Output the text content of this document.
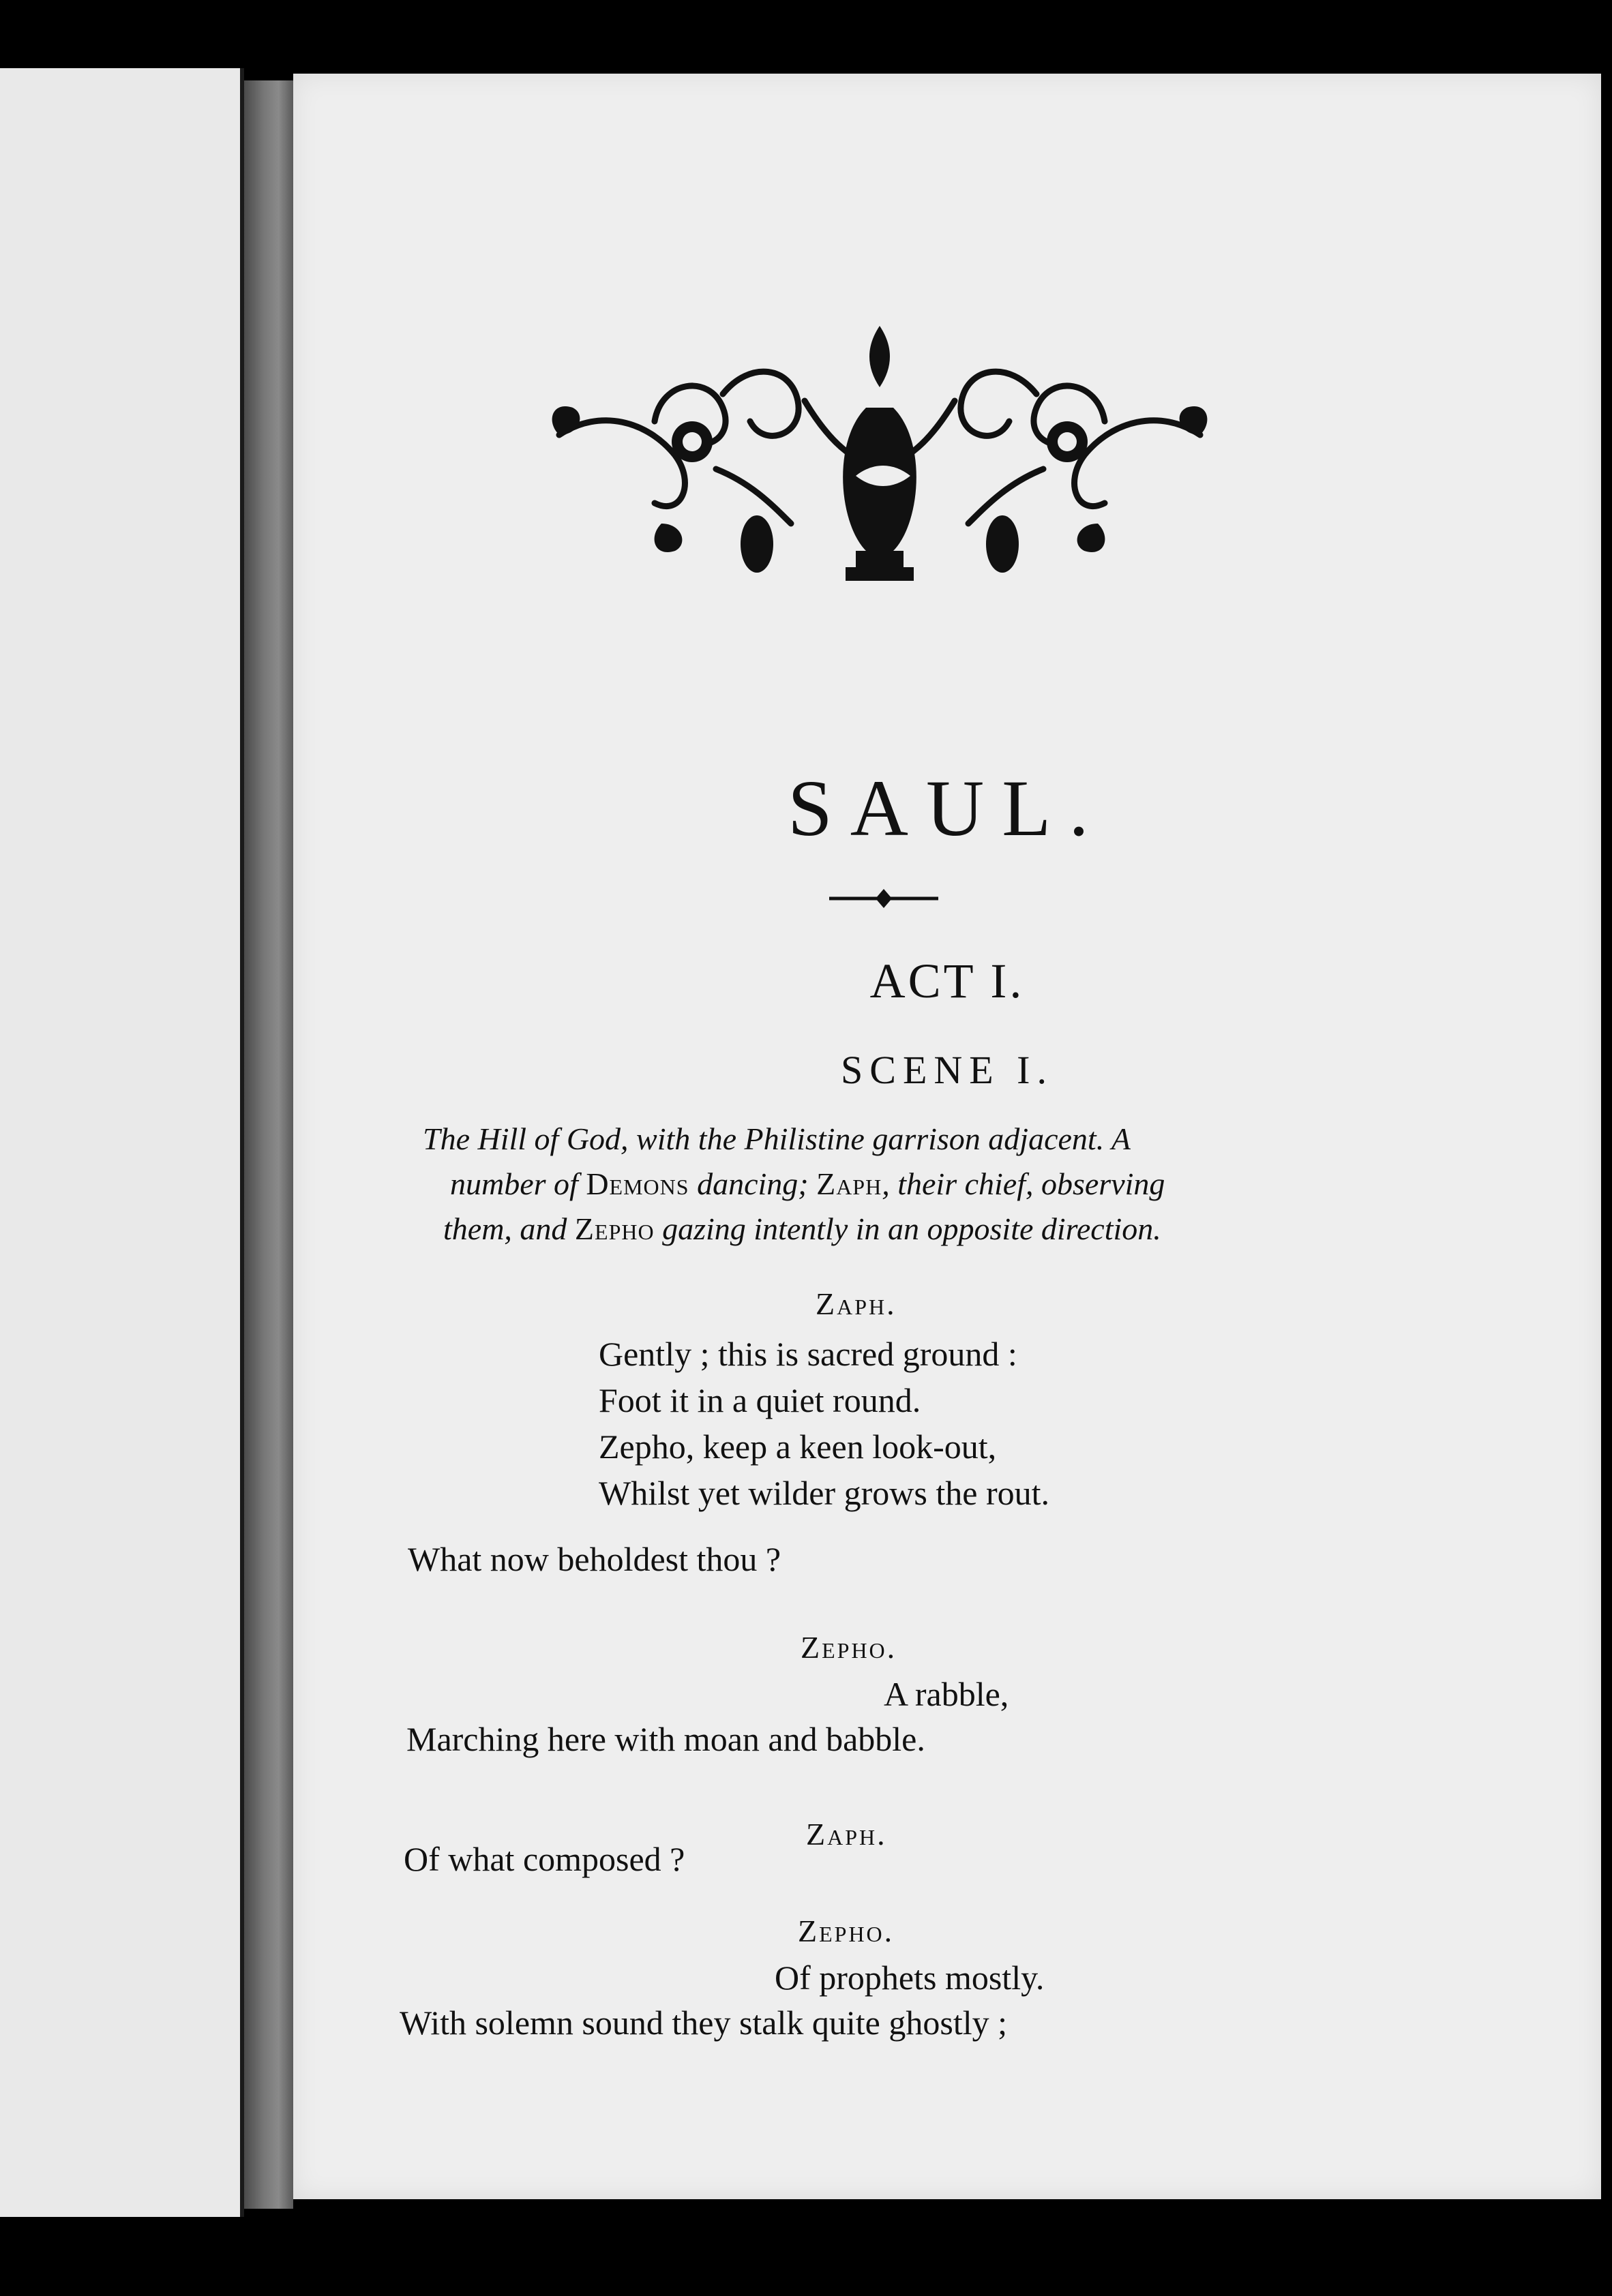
SAUL.
ACT I.
SCENE I.

The Hill of God, with the Philistine garrison adjacent. A
number of Demons dancing; Zaph, their chief, observing
them, and Zepho gazing intently in an opposite direction.

Zaph.
Gently ; this is sacred ground :
Foot it in a quiet round.
Zepho, keep a keen look-out,
Whilst yet wilder grows the rout.
What now beholdest thou ?
Zepho.
A rabble,
Marching here with moan and babble.
Zaph.
Of what composed ?
Zepho.
Of prophets mostly.
With solemn sound they stalk quite ghostly ;
